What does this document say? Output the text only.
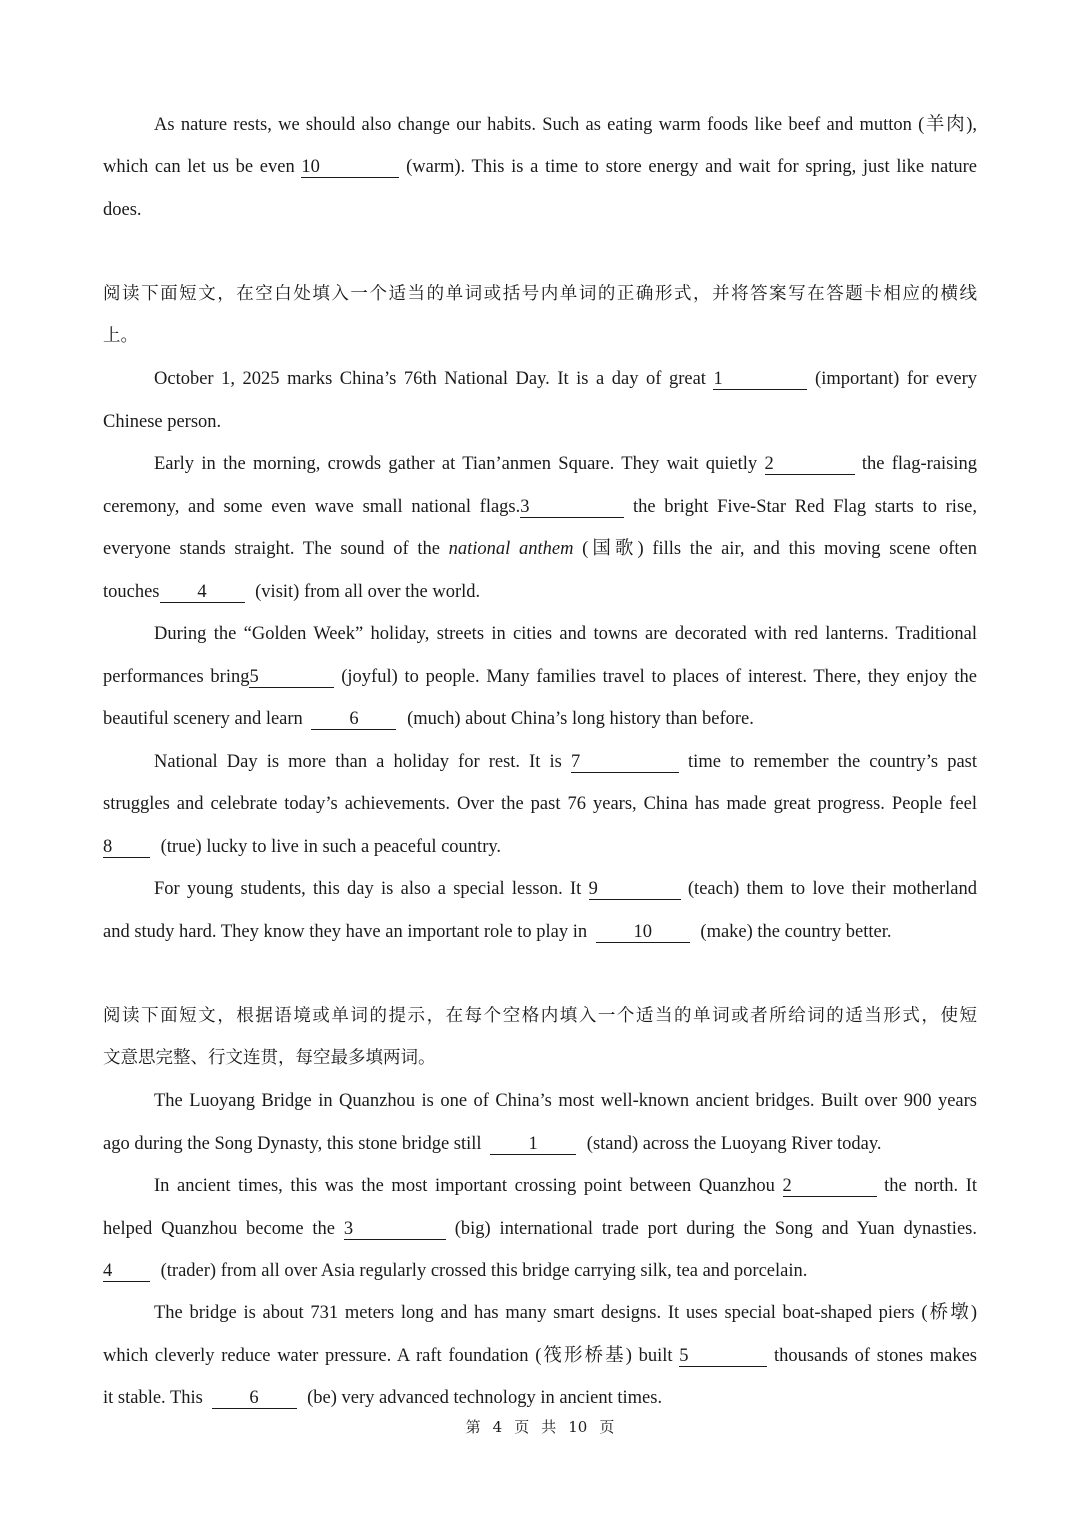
As nature rests, we should also change our habits. Such as eating warm foods like beef and mutton (羊肉),
which can let us be even 10	(warm). This is a time to store energy and wait for spring, just like nature
does.
阅读下面短文，在空白处填入一个适当的单词或括号内单词的正确形式，并将答案写在答题卡相应的横线
上。
October 1, 2025 marks China’s 76th National Day. It is a day of great 1	(important) for every
Chinese person.
Early in the morning, crowds gather at Tian’anmen Square. They wait quietly 2	the flag-raising
ceremony, and some even wave small national flags.3	the bright Five-Star Red Flag starts to rise,
everyone stands straight. The sound of the national anthem (国歌) fills the air, and this moving scene often
touches 4	(visit) from all over the world.
During the “Golden Week” holiday, streets in cities and towns are decorated with red lanterns. Traditional
performances bring5	(joyful) to people. Many families travel to places of interest. There, they enjoy the
beautiful scenery and learn	6	(much) about China’s long history than before.
National Day is more than a holiday for rest. It is 7	time to remember the country’s past
struggles and celebrate today’s achievements. Over the past 76 years, China has made great progress. People feel
8	(true) lucky to live in such a peaceful country.
For young students, this day is also a special lesson. It 9	(teach) them to love their motherland
and study hard. They know they have an important role to play in	10	(make) the country better.
阅读下面短文，根据语境或单词的提示，在每个空格内填入一个适当的单词或者所给词的适当形式，使短
文意思完整、行文连贯，每空最多填两词。
The Luoyang Bridge in Quanzhou is one of China’s most well-known ancient bridges. Built over 900 years
ago during the Song Dynasty, this stone bridge still	1	(stand) across the Luoyang River today.
In ancient times, this was the most important crossing point between Quanzhou 2	the north. It
helped Quanzhou become the 3	(big) international trade port during the Song and Yuan dynasties.
4	(trader) from all over Asia regularly crossed this bridge carrying silk, tea and porcelain.
The bridge is about 731 meters long and has many smart designs. It uses special boat-shaped piers (桥墩)
which cleverly reduce water pressure. A raft foundation (筏形桥基) built 5	thousands of stones makes
it stable. This	6	(be) very advanced technology in ancient times.
第 4 页 共 10 页
